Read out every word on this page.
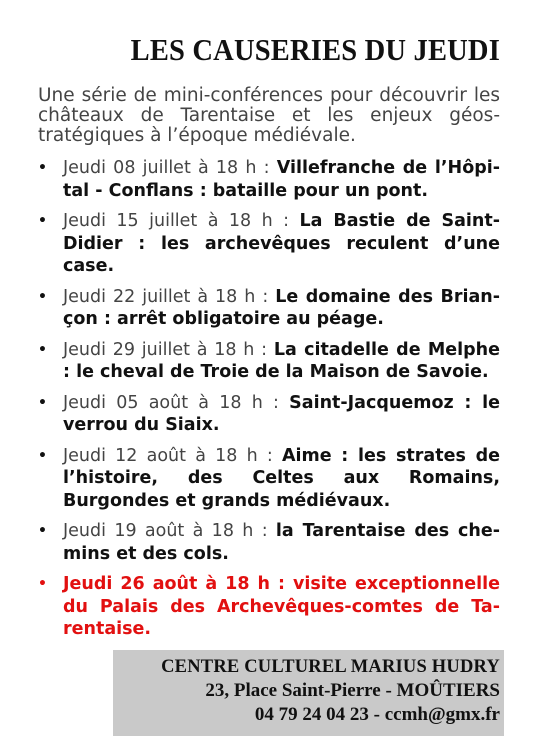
LES CAUSERIES DU JEUDI
Une série de mini-conférences pour découvrir les châteaux de Tarentaise et les enjeux géos-tratégiques à l’époque médiévale.
• Jeudi 08 juillet à 18 h : Villefranche de l’Hôpi-tal - Conflans : bataille pour un pont.
• Jeudi 15 juillet à 18 h : La Bastie de Saint-Didier : les archevêques reculent d’une case.
• Jeudi 22 juillet à 18 h : Le domaine des Brian-çon : arrêt obligatoire au péage.
• Jeudi 29 juillet à 18 h : La citadelle de Melphe : le cheval de Troie de la Maison de Savoie.
• Jeudi 05 août à 18 h : Saint-Jacquemoz : le verrou du Siaix.
• Jeudi 12 août à 18 h : Aime : les strates de l’histoire, des Celtes aux Romains, Burgondes et grands médiévaux.
• Jeudi 19 août à 18 h : la Tarentaise des che-mins et des cols.
• Jeudi 26 août à 18 h : visite exceptionnelle du Palais des Archevêques-comtes de Ta-rentaise.
CENTRE CULTUREL MARIUS HUDRY
23, Place Saint-Pierre - MOÛTIERS
04 79 24 04 23 - ccmh@gmx.fr
